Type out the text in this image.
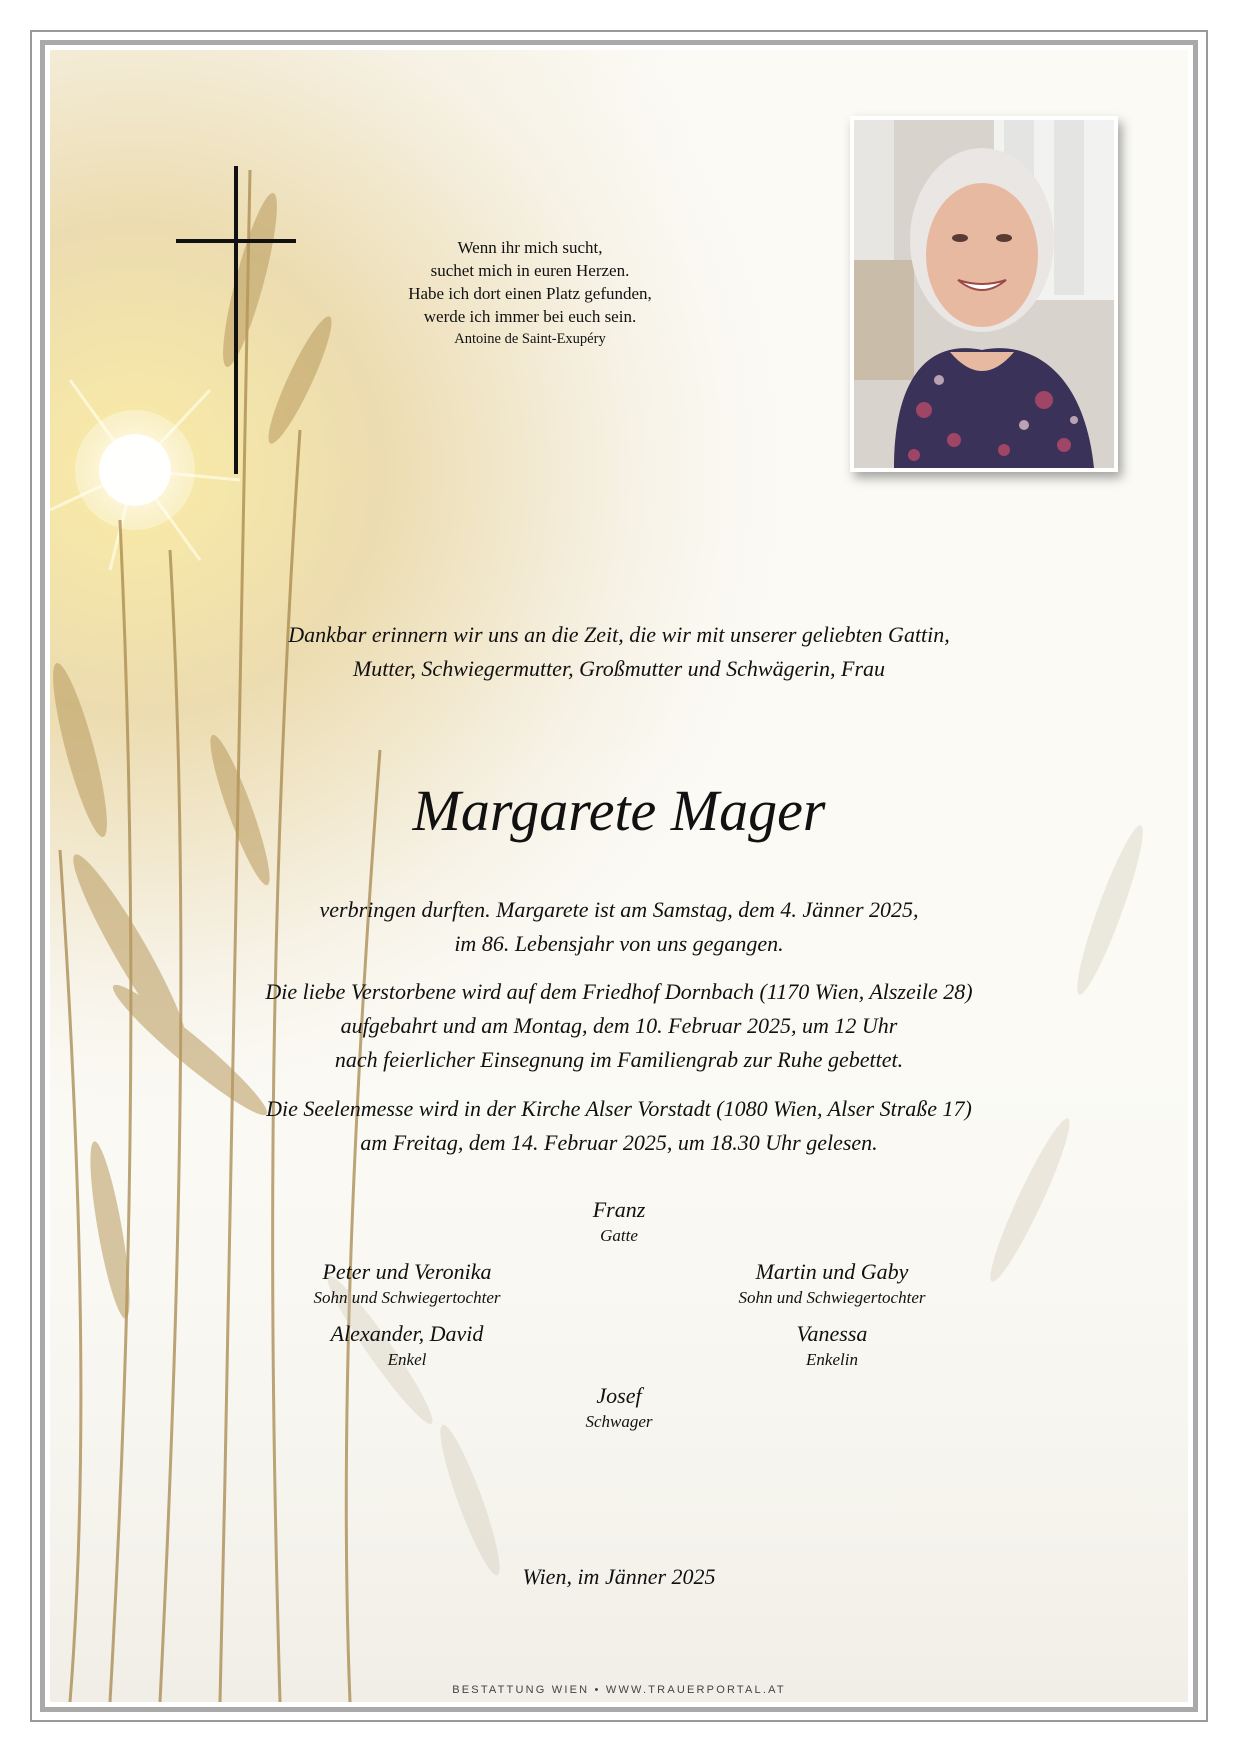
Wenn ihr mich sucht,
suchet mich in euren Herzen.
Habe ich dort einen Platz gefunden,
werde ich immer bei euch sein.
Antoine de Saint-Exupéry
Dankbar erinnern wir uns an die Zeit, die wir mit unserer geliebten Gattin,
Mutter, Schwiegermutter, Großmutter und Schwägerin, Frau
Margarete Mager
verbringen durften. Margarete ist am Samstag, dem 4. Jänner 2025,
im 86. Lebensjahr von uns gegangen.
Die liebe Verstorbene wird auf dem Friedhof Dornbach (1170 Wien, Alszeile 28)
aufgebahrt und am Montag, dem 10. Februar 2025, um 12 Uhr
nach feierlicher Einsegnung im Familiengrab zur Ruhe gebettet.
Die Seelenmesse wird in der Kirche Alser Vorstadt (1080 Wien, Alser Straße 17)
am Freitag, dem 14. Februar 2025, um 18.30 Uhr gelesen.
Franz
Gatte
Peter und Veronika
Sohn und Schwiegertochter
Martin und Gaby
Sohn und Schwiegertochter
Alexander, David
Enkel
Vanessa
Enkelin
Josef
Schwager
Wien, im Jänner 2025
BESTATTUNG WIEN • WWW.TRAUERPORTAL.AT
